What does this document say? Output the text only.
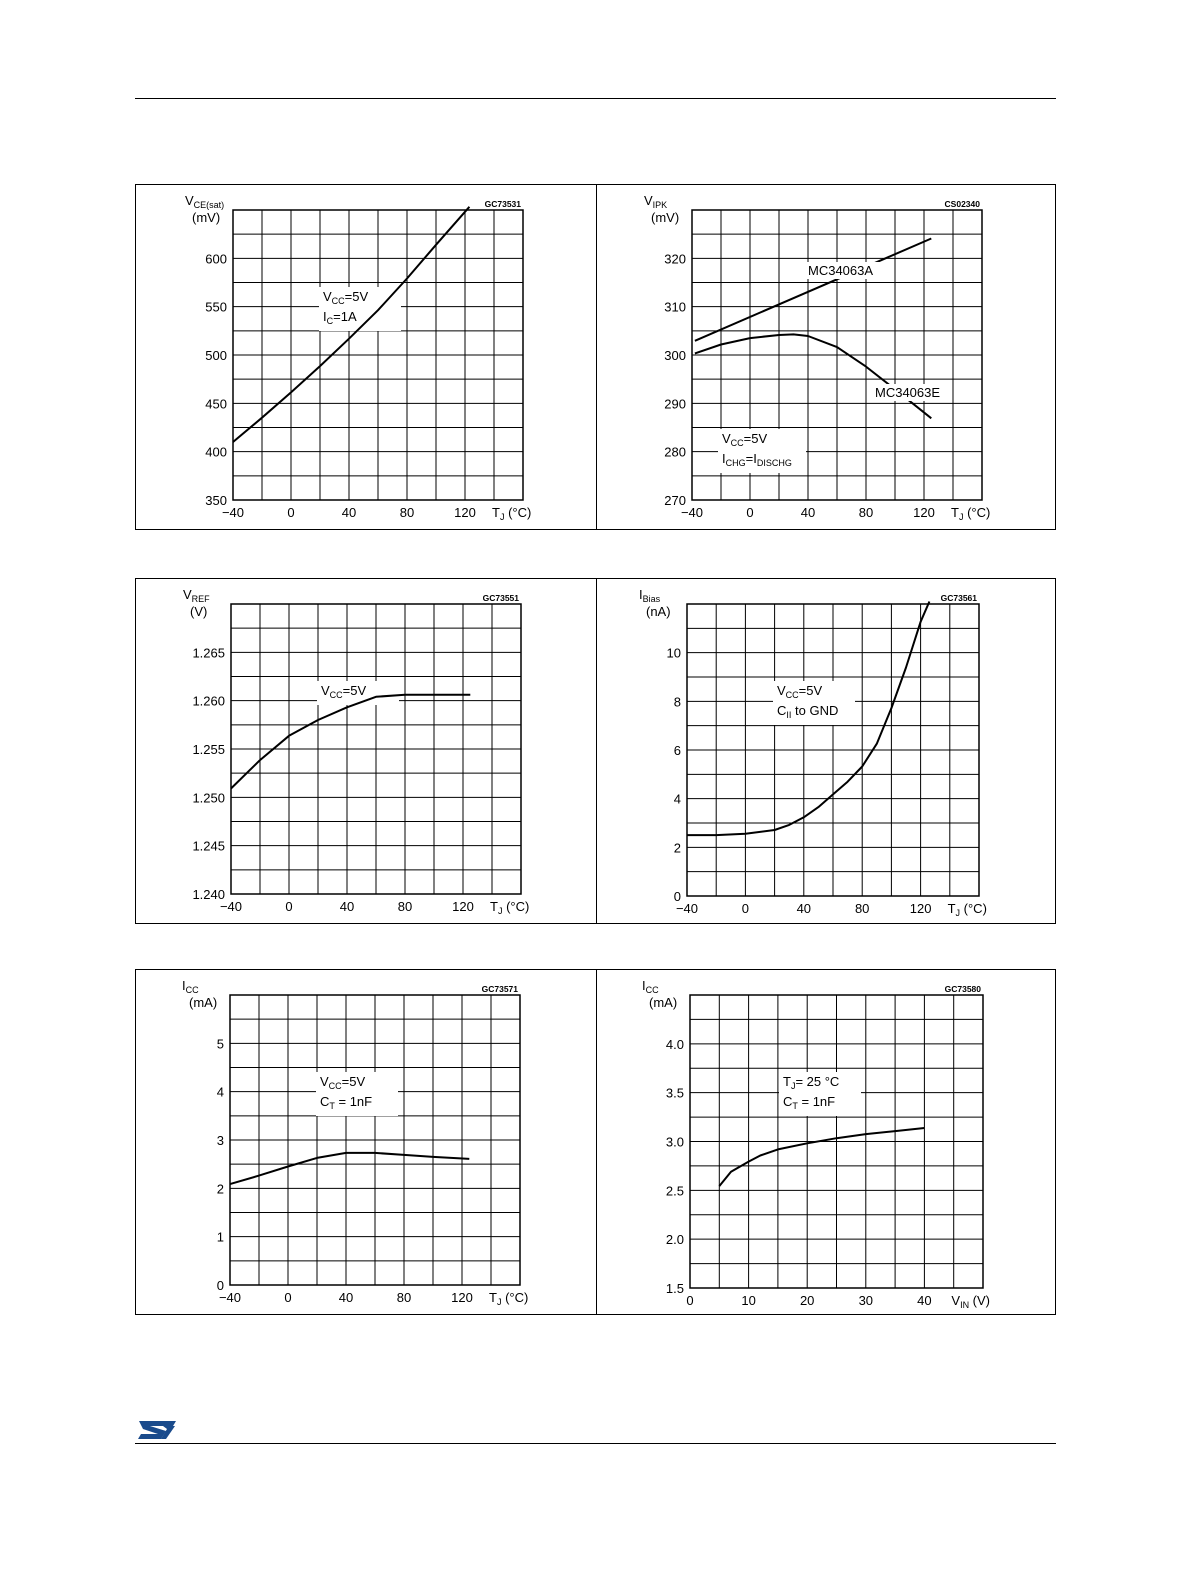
350
400
450
500
550
600
−40	0	40	80	120
$V_{CE(sat)}$
(mV)
$T_J$ (°C)
GC73531
$V_{CC}=5V$
$I_C=1A$
270
280
290
300
310
320
−40	0	40	80	120
$V_{IPK}$
(mV)
$T_J$ (°C)
CS02340
$V_{CC}=5V$
$I_{CHG}=I_{DISCHG}$
MC34063A
MC34063E
1.240
1.245
1.250
1.255
1.260
1.265
−40	0	40	80	120
$V_{REF}$
(V)
$T_J$ (°C)
GC73551
$V_{CC}=5V$
0
2
4
6
8
10
−40	0	40	80	120
$I_{Bias}$
(nA)
$T_J$ (°C)
GC73561
$V_{CC}=5V$
$C_{II}$ to GND
0
1
2
3
4
5
−40	0	40	80	120
$I_{CC}$
(mA)
$T_J$ (°C)
GC73571
$V_{CC}=5V$
$C_T = 1nF$
1.5
2.0
2.5
3.0
3.5
4.0
0	10	20	30	40
$I_{CC}$
(mA)
$V_{IN}$ (V)
GC73580
$T_J= 25$ °C
$C_T = 1nF$
